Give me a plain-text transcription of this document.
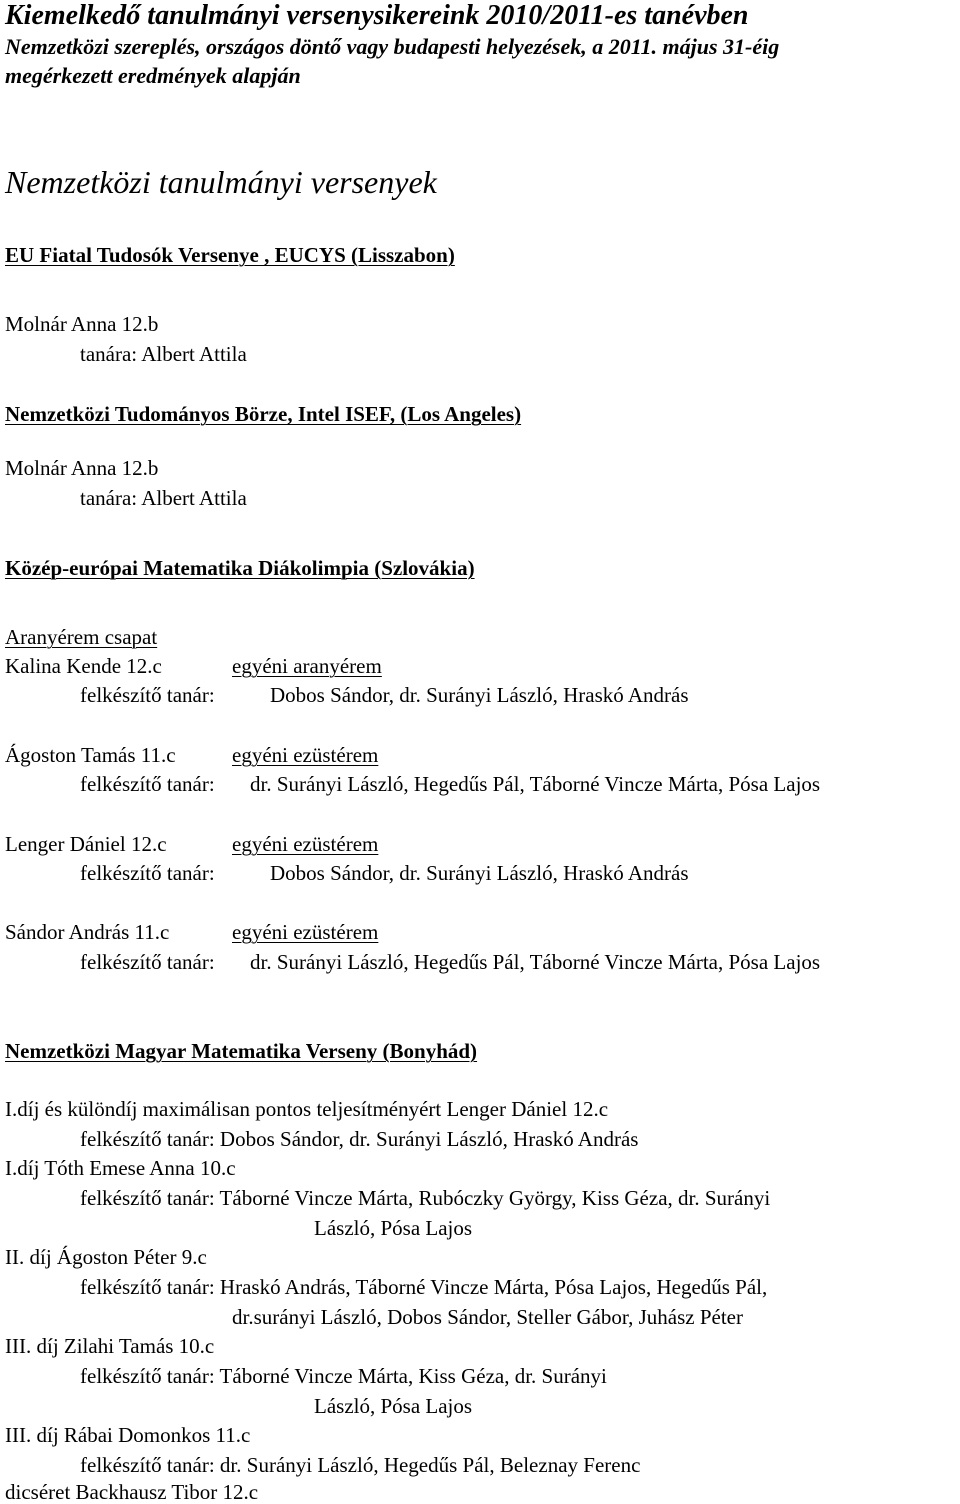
Kiemelkedő tanulmányi versenysikereink 2010/2011-es tanévben
Nemzetközi szereplés, országos döntő vagy budapesti helyezések, a 2011. május 31-éig
megérkezett eredmények alapján
Nemzetközi tanulmányi versenyek
EU Fiatal Tudosók Versenye , EUCYS (Lisszabon)
Molnár Anna 12.b
tanára: Albert Attila
Nemzetközi Tudományos Börze, Intel ISEF, (Los Angeles)
Molnár Anna 12.b
tanára: Albert Attila
Közép-európai Matematika Diákolimpia (Szlovákia)
Aranyérem csapat
Kalina Kende 12.c	egyéni aranyérem
felkészítő tanár:	Dobos Sándor, dr. Surányi László, Hraskó András
Ágoston Tamás 11.c	egyéni ezüstérem
felkészítő tanár: dr. Surányi László, Hegedűs Pál, Táborné Vincze Márta, Pósa Lajos
Lenger Dániel 12.c	egyéni ezüstérem
felkészítő tanár:	Dobos Sándor, dr. Surányi László, Hraskó András
Sándor András 11.c	egyéni ezüstérem
felkészítő tanár: dr. Surányi László, Hegedűs Pál, Táborné Vincze Márta, Pósa Lajos
Nemzetközi Magyar Matematika Verseny (Bonyhád)
I.díj és különdíj maximálisan pontos teljesítményért Lenger Dániel 12.c
felkészítő tanár: Dobos Sándor, dr. Surányi László, Hraskó András
I.díj Tóth Emese Anna 10.c
felkészítő tanár: Táborné Vincze Márta, Rubóczky György, Kiss Géza, dr. Surányi
László, Pósa Lajos
II. díj Ágoston Péter 9.c
felkészítő tanár: Hraskó András, Táborné Vincze Márta, Pósa Lajos, Hegedűs Pál,
dr.surányi László, Dobos Sándor, Steller Gábor, Juhász Péter
III. díj Zilahi Tamás 10.c
felkészítő tanár: Táborné Vincze Márta, Kiss Géza, dr. Surányi
László, Pósa Lajos
III. díj Rábai Domonkos 11.c
felkészítő tanár: dr. Surányi László, Hegedűs Pál, Beleznay Ferenc
dicséret Backhausz Tibor 12.c
